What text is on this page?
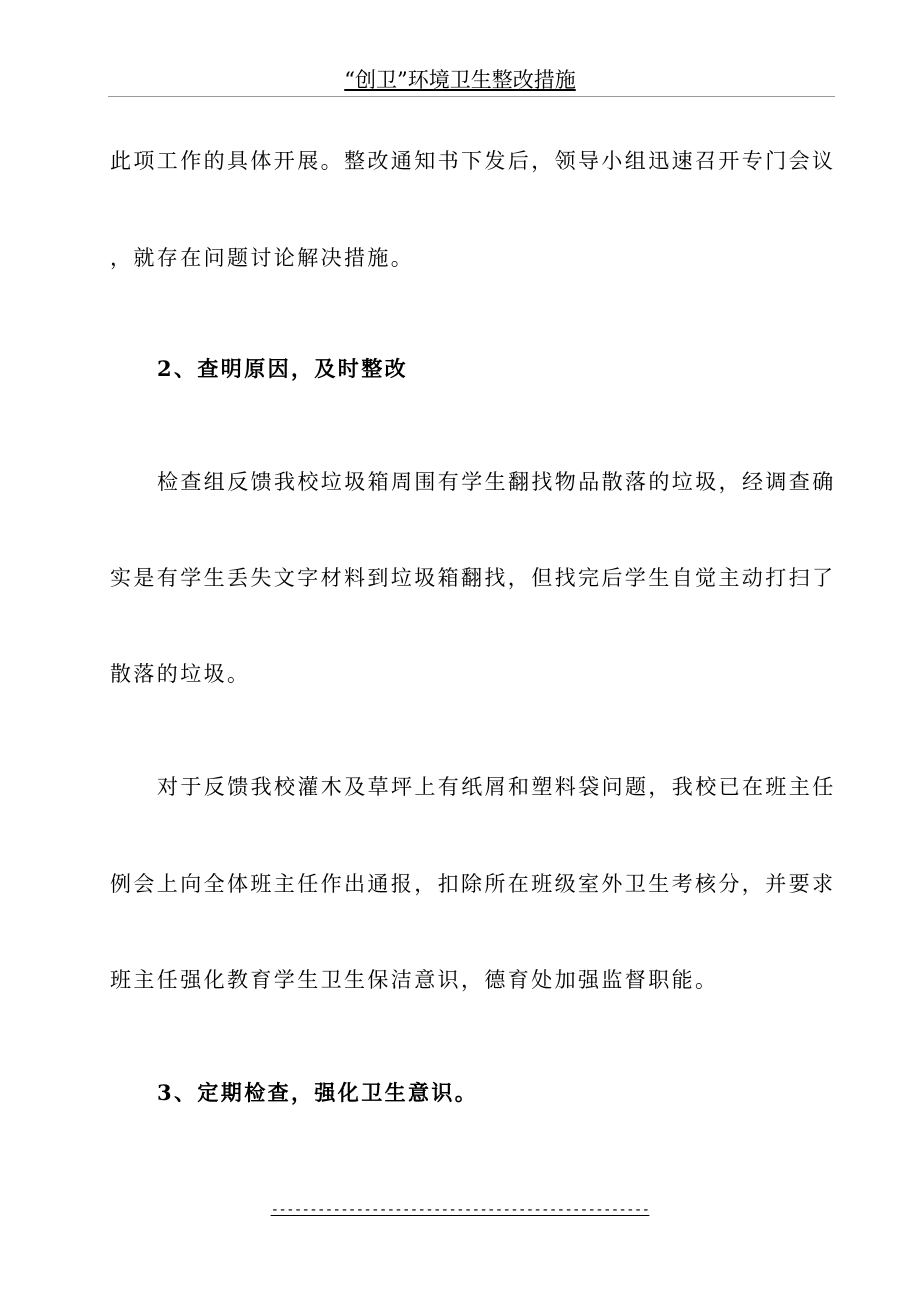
“创卫”环境卫生整改措施
此项工作的具体开展。整改通知书下发后，领导小组迅速召开专门会议
，就存在问题讨论解决措施。
2、查明原因，及时整改
检查组反馈我校垃圾箱周围有学生翻找物品散落的垃圾，经调查确
实是有学生丢失文字材料到垃圾箱翻找，但找完后学生自觉主动打扫了
散落的垃圾。
对于反馈我校灌木及草坪上有纸屑和塑料袋问题，我校已在班主任
例会上向全体班主任作出通报，扣除所在班级室外卫生考核分，并要求
班主任强化教育学生卫生保洁意识，德育处加强监督职能。
3、定期检查，强化卫生意识。
-------------------------------------------------
